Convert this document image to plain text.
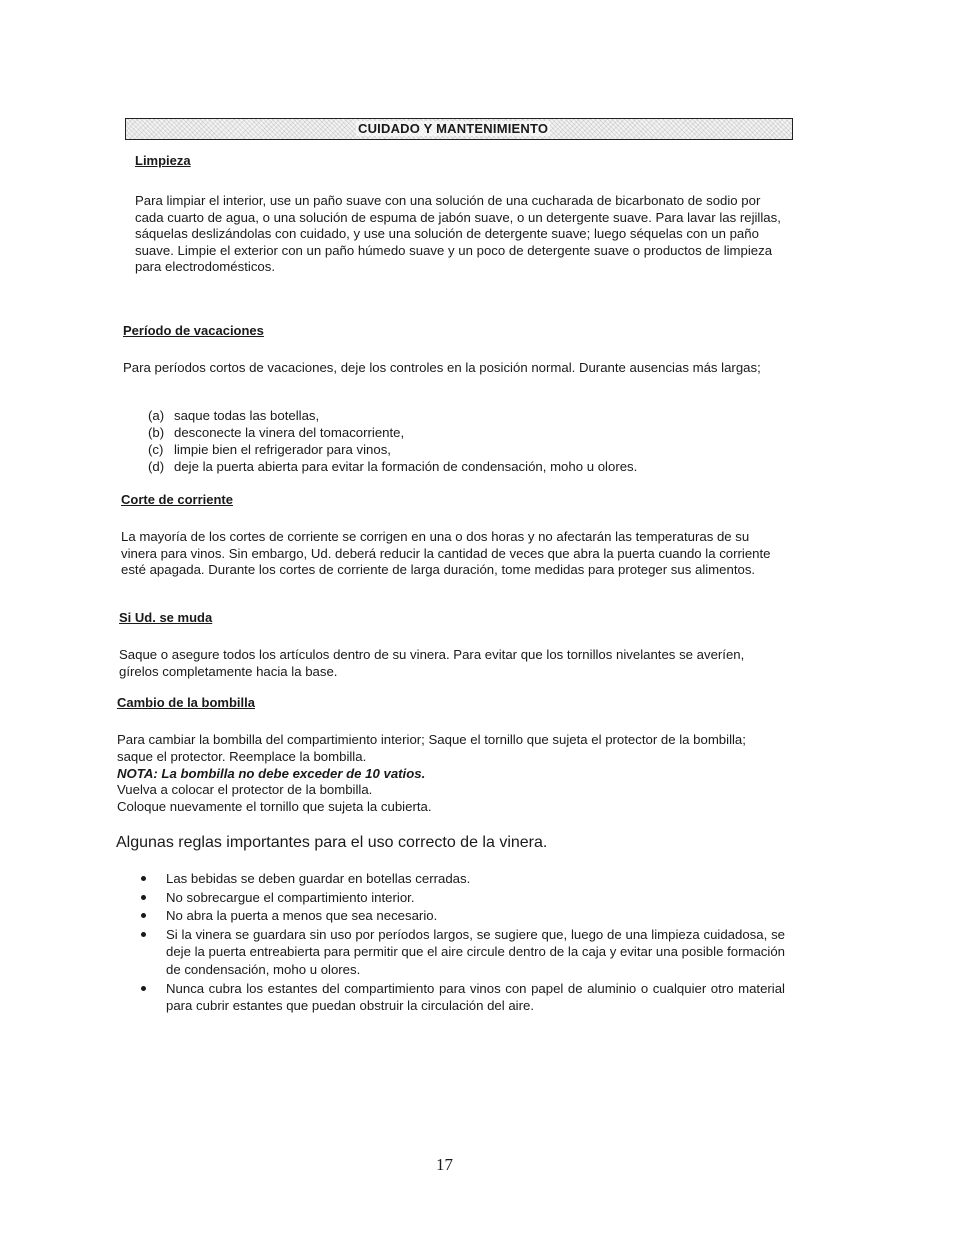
CUIDADO Y MANTENIMIENTO
Limpieza

Para limpiar el interior, use un paño suave con una solución de una cucharada de bicarbonato de sodio por cada cuarto de agua, o una solución de espuma de jabón suave, o un detergente suave. Para lavar las rejillas, sáquelas deslizándolas con cuidado, y use una solución de detergente suave; luego séquelas con un paño suave. Limpie el exterior con un paño húmedo suave y un poco de detergente suave o productos de limpieza para electrodomésticos.

Período de vacaciones

Para períodos cortos de vacaciones, deje los controles en la posición normal. Durante ausencias más largas;

(a) saque todas las botellas,
(b) desconecte la vinera del tomacorriente,
(c) limpie bien el refrigerador para vinos,
(d) deje la puerta abierta para evitar la formación de condensación, moho u olores.
Corte de corriente

La mayoría de los cortes de corriente se corrigen en una o dos horas y no afectarán las temperaturas de su vinera para vinos. Sin embargo, Ud. deberá reducir la cantidad de veces que abra la puerta cuando la corriente esté apagada. Durante los cortes de corriente de larga duración, tome medidas para proteger sus alimentos.

Si Ud. se muda

Saque o asegure todos los artículos dentro de su vinera. Para evitar que los tornillos nivelantes se averíen, gírelos completamente hacia la base.

Cambio de la bombilla

Para cambiar la bombilla del compartimiento interior; Saque el tornillo que sujeta el protector de la bombilla; saque el protector. Reemplace la bombilla.

NOTA: La bombilla no debe exceder de 10 vatios.
Vuelva a colocar el protector de la bombilla.
Coloque nuevamente el tornillo que sujeta la cubierta.
Algunas reglas importantes para el uso correcto de la vinera.
Las bebidas se deben guardar en botellas cerradas.
No sobrecargue el compartimiento interior.
No abra la puerta a menos que sea necesario.
Si la vinera se guardara sin uso por períodos largos, se sugiere que, luego de una limpieza cuidadosa, se deje la puerta entreabierta para permitir que el aire circule dentro de la caja y evitar una posible formación de condensación, moho u olores.
Nunca cubra los estantes del compartimiento para vinos con papel de aluminio o cualquier otro material para cubrir estantes que puedan obstruir la circulación del aire.
17
